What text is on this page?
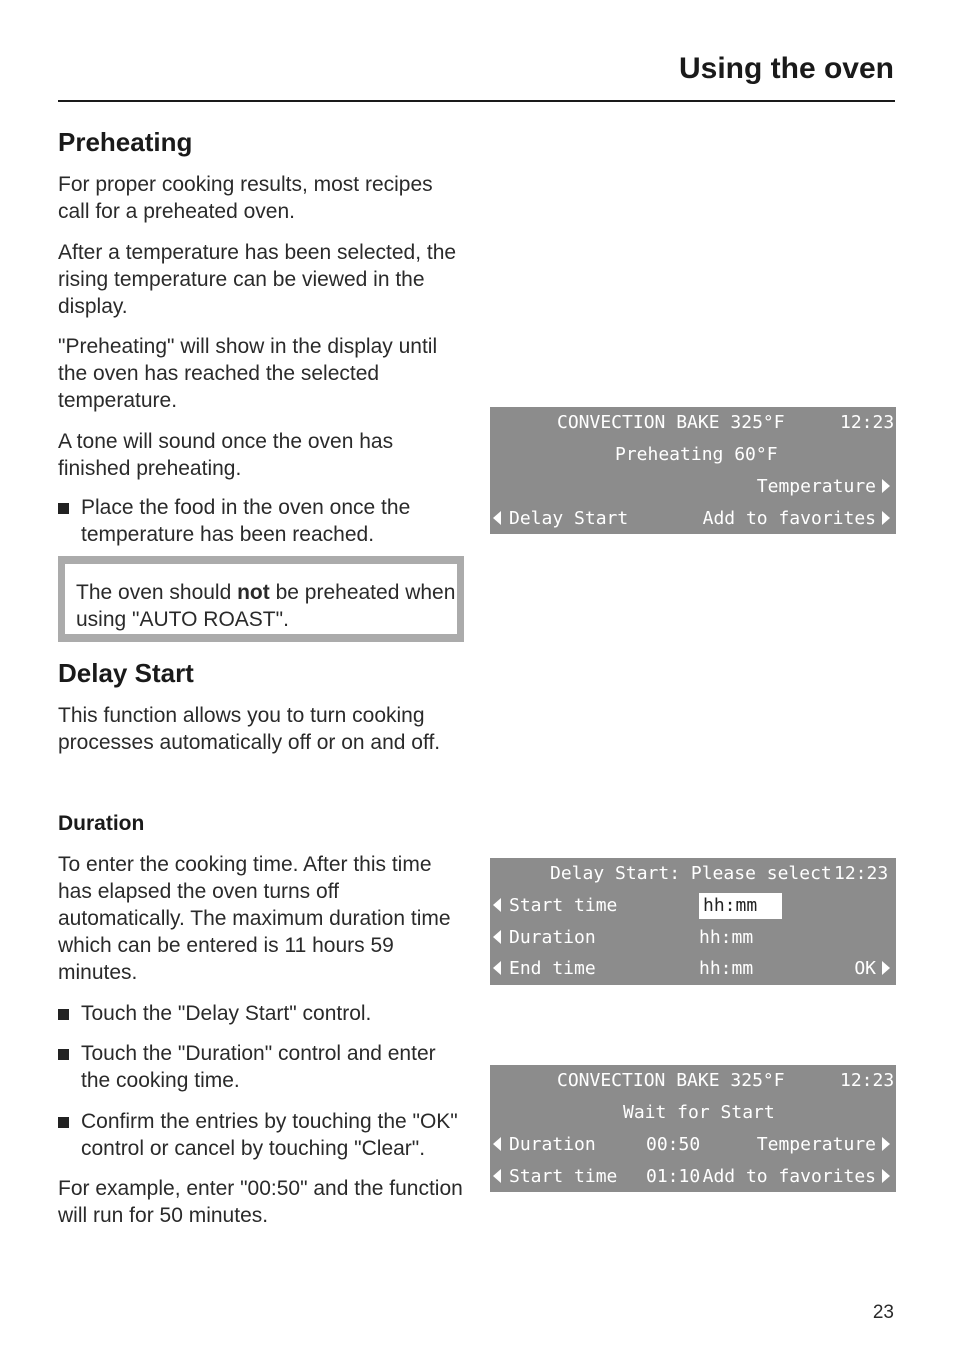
Using the oven
Preheating

For proper cooking results, most recipes call for a preheated oven.

After a temperature has been selected, the rising temperature can be viewed in the display.

"Preheating" will show in the display until the oven has reached the selected temperature.

A tone will sound once the oven has finished preheating.

Place the food in the oven once the temperature has been reached.
The oven should not be preheated when using "AUTO ROAST".
Delay Start

This function allows you to turn cooking processes automatically off or on and off.

Duration

To enter the cooking time. After this time has elapsed the oven turns off automatically. The maximum duration time which can be entered is 11 hours 59 minutes.

Touch the "Delay Start" control.
Touch the "Duration" control and enter the cooking time.
Confirm the entries by touching the "OK" control or cancel by touching "Clear".

For example, enter "00:50" and the function will run for 50 minutes.

CONVECTION BAKE 325°F	12:23
Preheating 60°F
Temperature
Delay Start	Add to favorites
Delay Start: Please select 12:23
Start time	hh:mm
Duration	hh:mm
End time	hh:mm	OK
CONVECTION BAKE 325°F	12:23
Wait for Start
Duration	00:50	Temperature
Start time 01:10 Add to favorites
23
